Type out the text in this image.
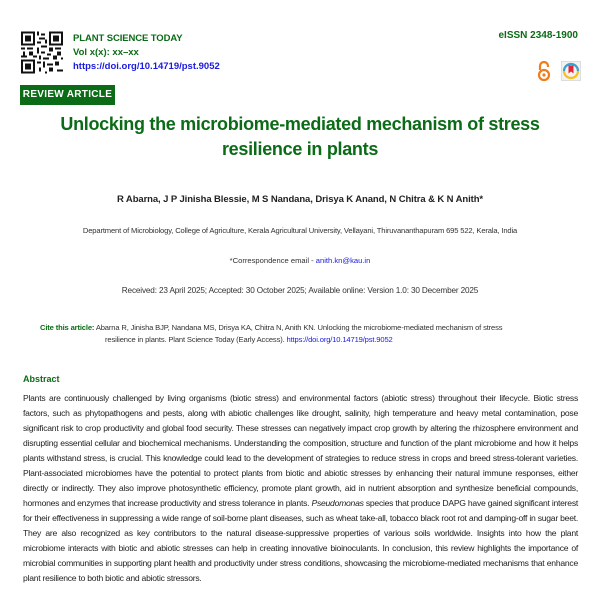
PLANT SCIENCE TODAY
Vol x(x): xx–xx
https://doi.org/10.14719/pst.9052
eISSN 2348-1900
REVIEW ARTICLE
Unlocking the microbiome-mediated mechanism of stress resilience in plants
R Abarna, J P Jinisha Blessie, M S Nandana, Drisya K Anand, N Chitra & K N Anith*
Department of Microbiology, College of Agriculture, Kerala Agricultural University, Vellayani, Thiruvananthapuram 695 522, Kerala, India
*Correspondence email - anith.kn@kau.in
Received: 23 April 2025; Accepted: 30 October 2025; Available online: Version 1.0: 30 December 2025
Cite this article: Abarna R, Jinisha BJP, Nandana MS, Drisya KA, Chitra N, Anith KN. Unlocking the microbiome-mediated mechanism of stress
resilience in plants. Plant Science Today (Early Access). https://doi.org/10.14719/pst.9052
Abstract

Plants are continuously challenged by living organisms (biotic stress) and environmental factors (abiotic stress) throughout their lifecycle. Biotic stress factors, such as phytopathogens and pests, along with abiotic challenges like drought, salinity, high temperature and heavy metal contamination, pose significant risk to crop productivity and global food security. These stresses can negatively impact crop growth by altering the rhizosphere environment and disrupting essential cellular and biochemical mechanisms. Understanding the composition, structure and function of the plant microbiome and how it helps plants withstand stress, is crucial. This knowledge could lead to the development of strategies to reduce stress in crops and breed stress-tolerant varieties. Plant-associated microbiomes have the potential to protect plants from biotic and abiotic stresses by enhancing their natural immune responses, either directly or indirectly. They also improve photosynthetic efficiency, promote plant growth, aid in nutrient absorption and synthesize beneficial compounds, hormones and enzymes that increase productivity and stress tolerance in plants. Pseudomonas species that produce DAPG have gained significant interest for their effectiveness in suppressing a wide range of soil-borne plant diseases, such as wheat take-all, tobacco black root rot and damping-off in sugar beet. They are also recognized as key contributors to the natural disease-suppressive properties of various soils worldwide. Insights into how the plant microbiome interacts with biotic and abiotic stresses can help in creating innovative bioinoculants. In conclusion, this review highlights the importance of microbial communities in supporting plant health and productivity under stress conditions, showcasing the microbiome-mediated mechanisms that enhance plant resilience to both biotic and abiotic stressors.
